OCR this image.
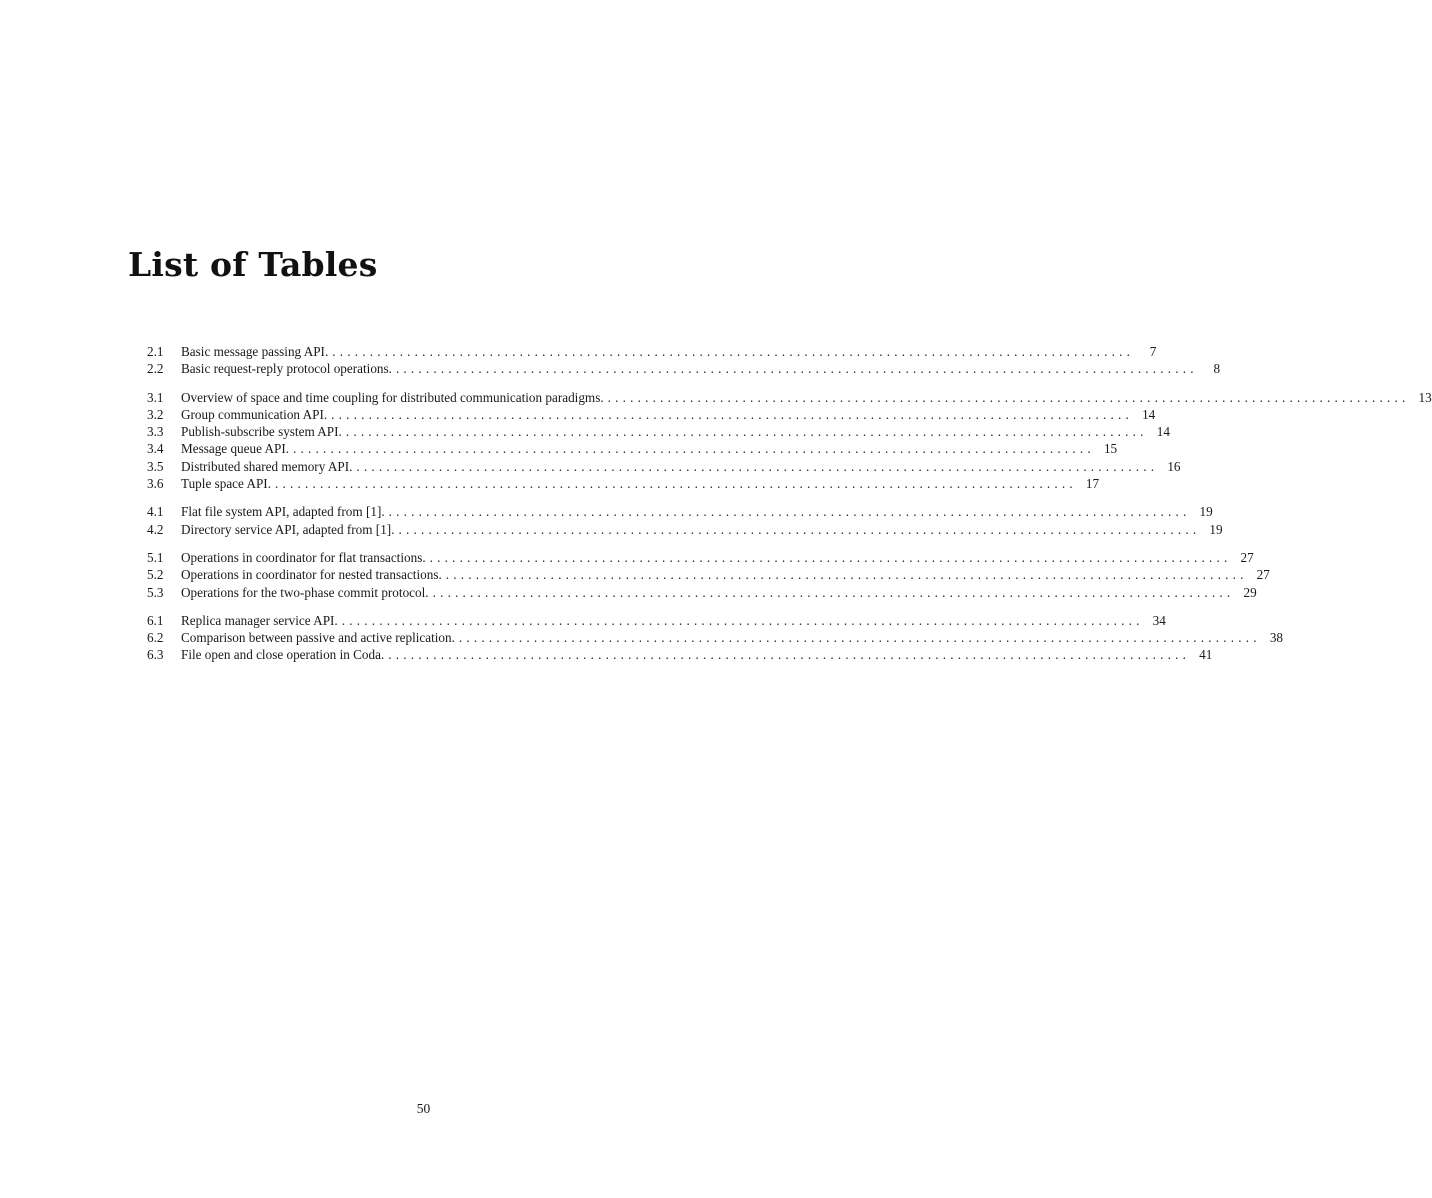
List of Tables
2.1	Basic message passing API. . . .	7
2.2	Basic request-reply protocol operations. . . .	8
3.1	Overview of space and time coupling for distributed communication paradigms. . . .	13
3.2	Group communication API. . . .	14
3.3	Publish-subscribe system API. . . .	14
3.4	Message queue API. . . .	15
3.5	Distributed shared memory API. . . .	16
3.6	Tuple space API. . . .	17
4.1	Flat file system API, adapted from [1]. . . .	19
4.2	Directory service API, adapted from [1]. . . .	19
5.1	Operations in coordinator for flat transactions. . . .	27
5.2	Operations in coordinator for nested transactions. . . .	27
5.3	Operations for the two-phase commit protocol. . . .	29
6.1	Replica manager service API. . . .	34
6.2	Comparison between passive and active replication. . . .	38
6.3	File open and close operation in Coda. . . .	41
50
